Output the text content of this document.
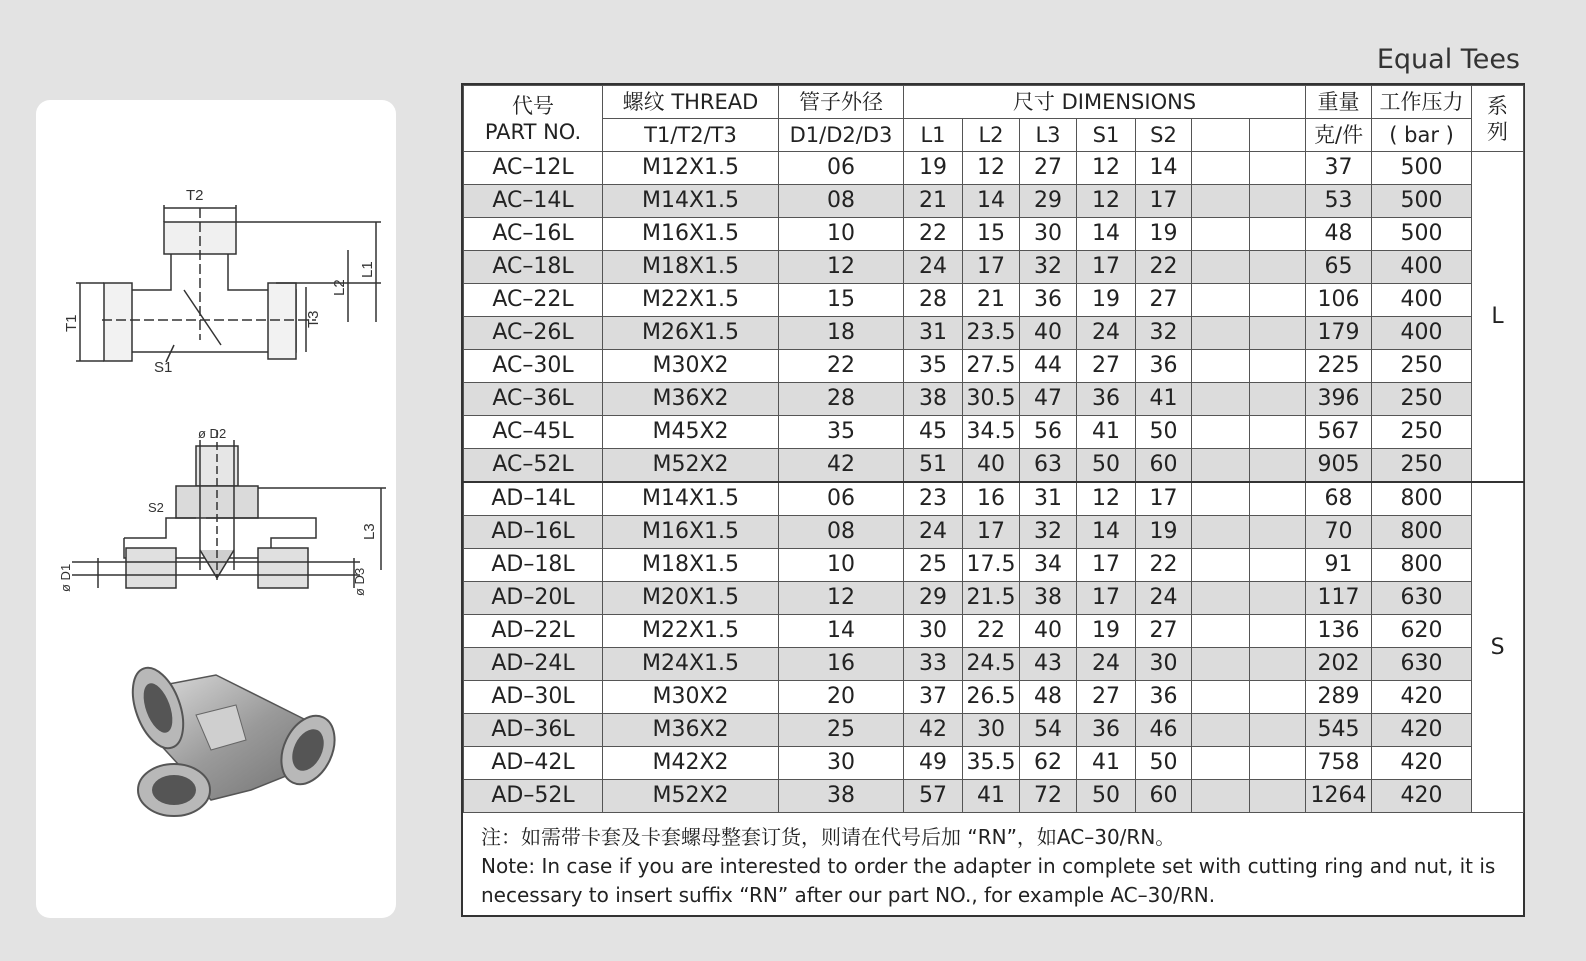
Equal Tees
T2
S1
T1	T3
L2
L1
ø D2
S2
L3
ø D1	ø D3
代号
PART NO.	螺纹 THREAD	管子外径	尺寸 DIMENSIONS							重量	工作压力	系列

	T1/T2/T3	D1/D2/D3	L1	L2	L3	S1	S2			克/件	( bar )	
AC–12L	M12X1.5	06	19	12	27	12	14			37	500	L
AC–14L	M14X1.5	08	21	14	29	12	17			53	500	
AC–16L	M16X1.5	10	22	15	30	14	19			48	500	
AC–18L	M18X1.5	12	24	17	32	17	22			65	400	
AC–22L	M22X1.5	15	28	21	36	19	27			106	400	
AC–26L	M26X1.5	18	31	23.5	40	24	32			179	400	
AC–30L	M30X2	22	35	27.5	44	27	36			225	250	
AC–36L	M36X2	28	38	30.5	47	36	41			396	250	
AC–45L	M45X2	35	45	34.5	56	41	50			567	250	
AC–52L	M52X2	42	51	40	63	50	60			905	250	
AD–14L	M14X1.5	06	23	16	31	12	17			68	800	S
AD–16L	M16X1.5	08	24	17	32	14	19			70	800	
AD–18L	M18X1.5	10	25	17.5	34	17	22			91	800	
AD–20L	M20X1.5	12	29	21.5	38	17	24			117	630	
AD–22L	M22X1.5	14	30	22	40	19	27			136	620	
AD–24L	M24X1.5	16	33	24.5	43	24	30			202	630	
AD–30L	M30X2	20	37	26.5	48	27	36			289	420	
AD–36L	M36X2	25	42	30	54	36	46			545	420	
AD–42L	M42X2	30	49	35.5	62	41	50			758	420	
AD–52L	M52X2	38	57	41	72	50	60			1264	420	
注：如需带卡套及卡套螺母整套订货，则请在代号后加 “RN”，如AC–30/RN。
Note: In case if you are interested to order the adapter in complete set with cutting ring and nut, it is
necessary to insert suffix “RN” after our part NO., for example AC–30/RN.
